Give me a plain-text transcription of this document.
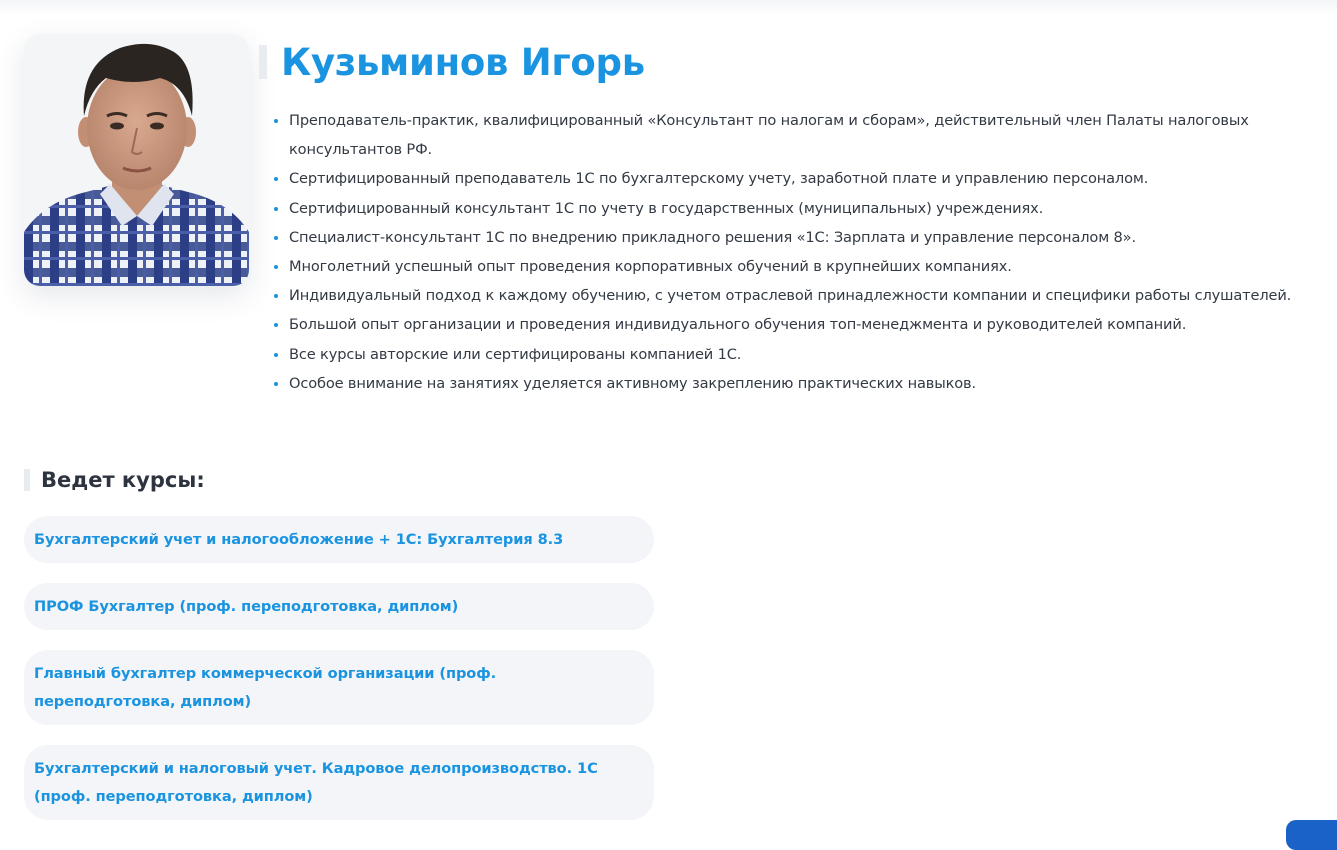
Кузьминов Игорь
• Преподаватель-практик, квалифицированный «Консультант по налогам и сборам», действительный член Палаты налоговых консультантов РФ.
• Сертифицированный преподаватель 1С по бухгалтерскому учету, заработной плате и управлению персоналом.
• Сертифицированный консультант 1С по учету в государственных (муниципальных) учреждениях.
• Специалист-консультант 1С по внедрению прикладного решения «1С: Зарплата и управление персоналом 8».
• Многолетний успешный опыт проведения корпоративных обучений в крупнейших компаниях.
• Индивидуальный подход к каждому обучению, с учетом отраслевой принадлежности компании и специфики работы слушателей.
• Большой опыт организации и проведения индивидуального обучения топ-менеджмента и руководителей компаний.
• Все курсы авторские или сертифицированы компанией 1С.
• Особое внимание на занятиях уделяется активному закреплению практических навыков.
Ведет курсы:
Бухгалтерский учет и налогообложение + 1С: Бухгалтерия 8.3
ПРОФ Бухгалтер (проф. переподготовка, диплом)
Главный бухгалтер коммерческой организации (проф. переподготовка, диплом)
Бухгалтерский и налоговый учет. Кадровое делопроизводство. 1С (проф. переподготовка, диплом)
